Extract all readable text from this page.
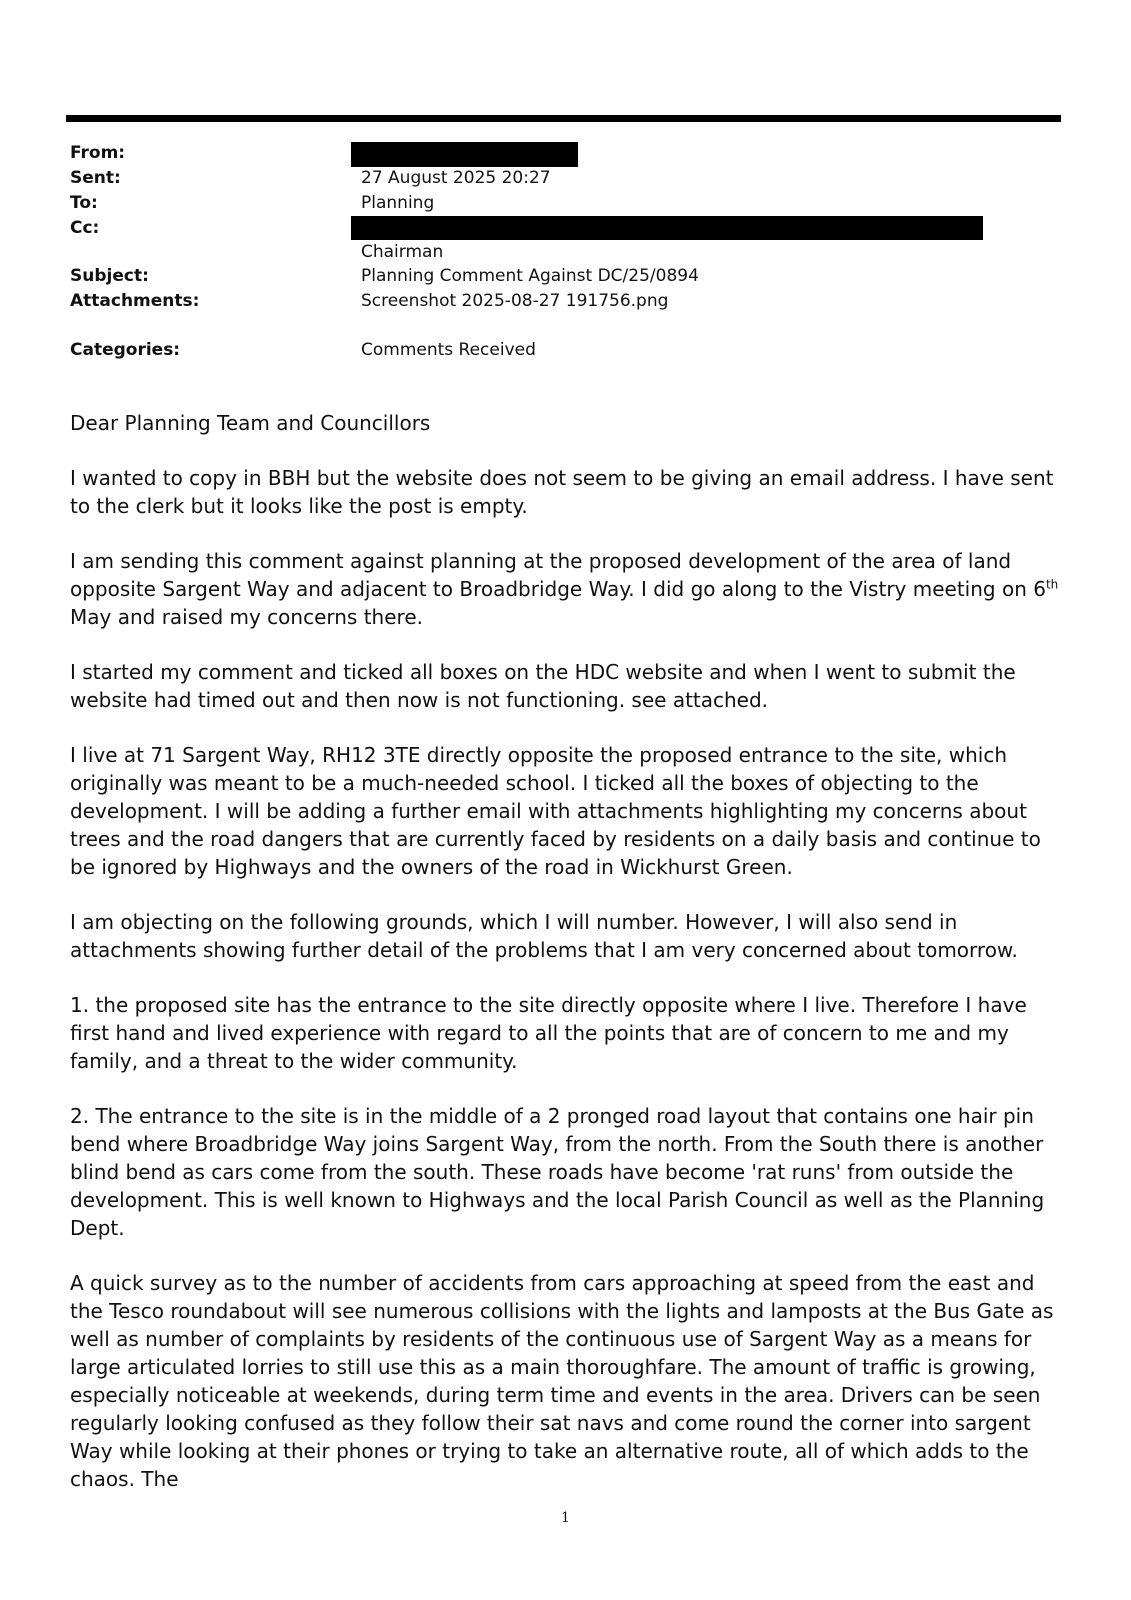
From:
Sent:	27 August 2025 20:27
To:	Planning
Cc:
Chairman
Subject:	Planning Comment Against DC/25/0894
Attachments:	Screenshot 2025-08-27 191756.png
Categories:	Comments Received

Dear Planning Team and Councillors

I wanted to copy in BBH but the website does not seem to be giving an email address. I have sent to the clerk but it looks like the post is empty.

I am sending this comment against planning at the proposed development of the area of land opposite Sargent Way and adjacent to Broadbridge Way. I did go along to the Vistry meeting on 6th May and raised my concerns there.

I started my comment and ticked all boxes on the HDC website and when I went to submit the website had timed out and then now is not functioning. see attached.

I live at 71 Sargent Way, RH12 3TE directly opposite the proposed entrance to the site, which originally was meant to be a much-needed school. I ticked all the boxes of objecting to the development. I will be adding a further email with attachments highlighting my concerns about trees and the road dangers that are currently faced by residents on a daily basis and continue to be ignored by Highways and the owners of the road in Wickhurst Green.

I am objecting on the following grounds, which I will number. However, I will also send in attachments showing further detail of the problems that I am very concerned about tomorrow.

1. the proposed site has the entrance to the site directly opposite where I live. Therefore I have first hand and lived experience with regard to all the points that are of concern to me and my family, and a threat to the wider community.

2. The entrance to the site is in the middle of a 2 pronged road layout that contains one hair pin bend where Broadbridge Way joins Sargent Way, from the north. From the South there is another blind bend as cars come from the south. These roads have become 'rat runs' from outside the development. This is well known to Highways and the local Parish Council as well as the Planning Dept.

A quick survey as to the number of accidents from cars approaching at speed from the east and the Tesco roundabout will see numerous collisions with the lights and lamposts at the Bus Gate as well as number of complaints by residents of the continuous use of Sargent Way as a means for large articulated lorries to still use this as a main thoroughfare. The amount of traffic is growing, especially noticeable at weekends, during term time and events in the area. Drivers can be seen regularly looking confused as they follow their sat navs and come round the corner into sargent Way while looking at their phones or trying to take an alternative route, all of which adds to the chaos. The

1
